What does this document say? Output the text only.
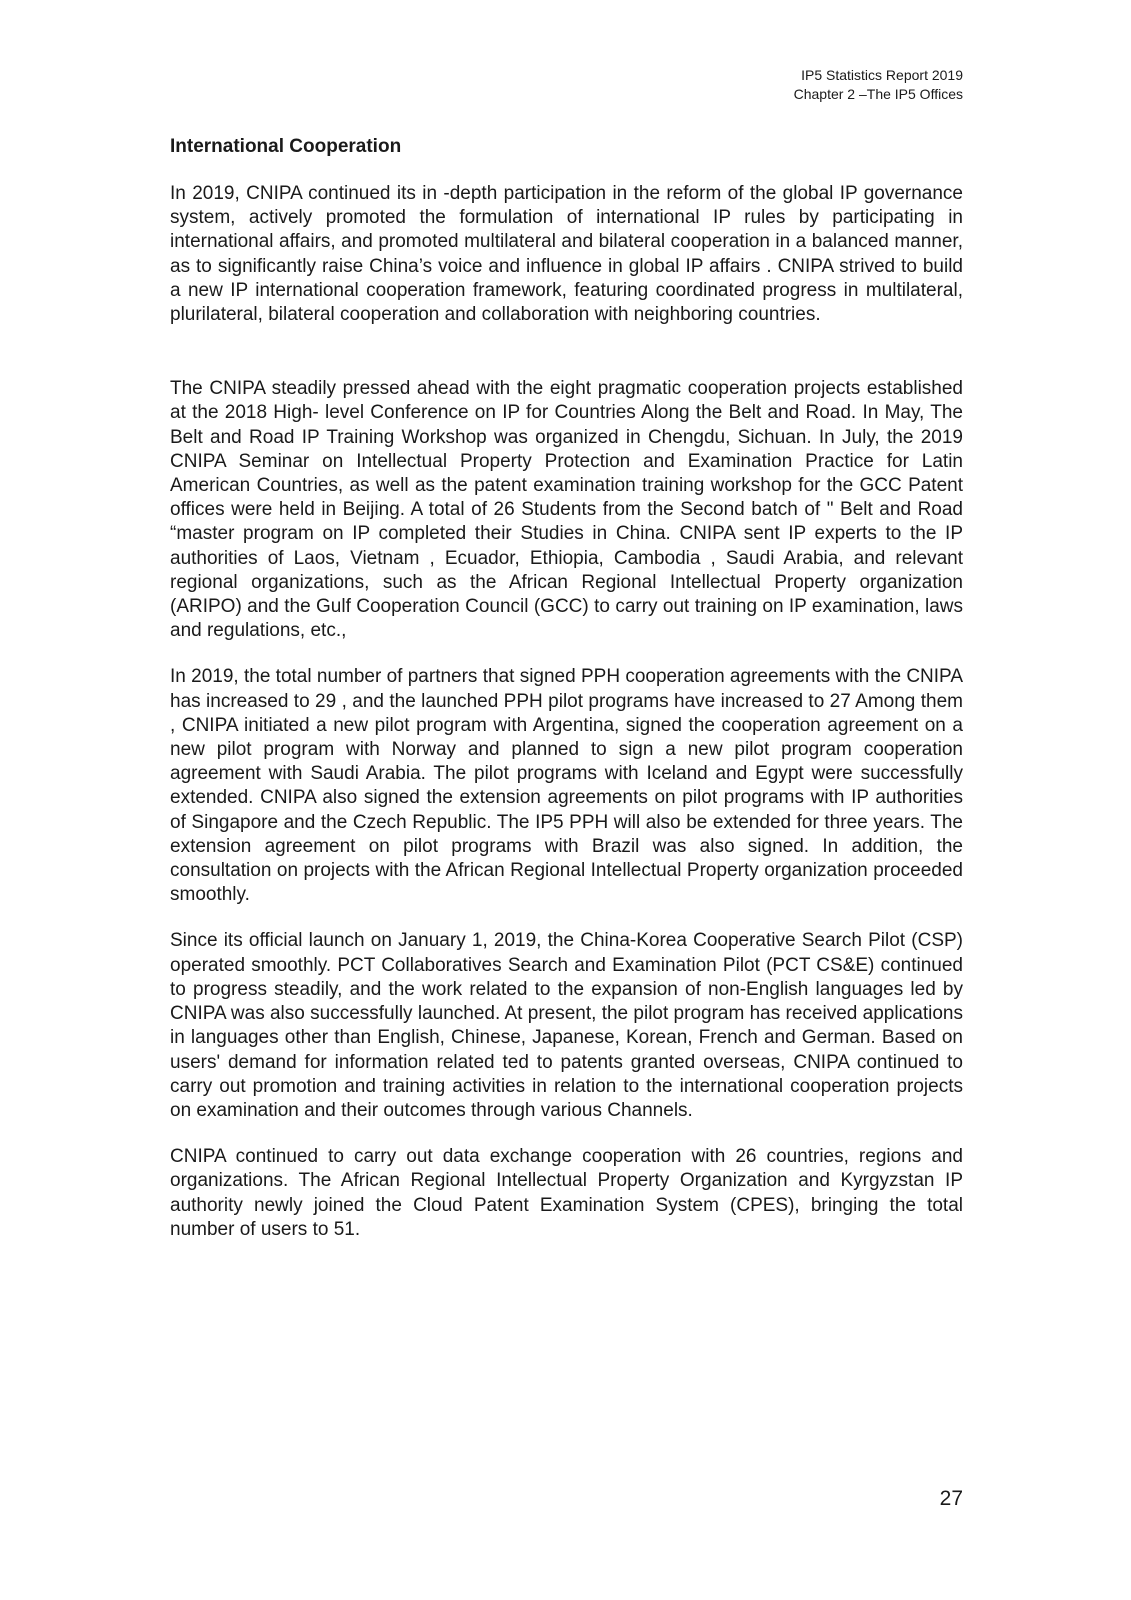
IP5 Statistics Report 2019
Chapter 2 –The IP5 Offices
International Cooperation

In 2019, CNIPA continued its in -depth participation in the reform of the global IP governance system, actively promoted the formulation of international IP rules by participating in international affairs, and promoted multilateral and bilateral cooperation in a balanced manner, as to significantly raise China’s voice and influence in global IP affairs . CNIPA strived to build a new IP international cooperation framework, featuring coordinated progress in multilateral, plurilateral, bilateral cooperation and collaboration with neighboring countries.

The CNIPA steadily pressed ahead with the eight pragmatic cooperation projects established at the 2018 High- level Conference on IP for Countries Along the Belt and Road. In May, The Belt and Road IP Training Workshop was organized in Chengdu, Sichuan. In July, the 2019 CNIPA Seminar on Intellectual Property Protection and Examination Practice for Latin American Countries, as well as the patent examination training workshop for the GCC Patent offices were held in Beijing. A total of 26 Students from the Second batch of " Belt and Road “master program on IP completed their Studies in China. CNIPA sent IP experts to the IP authorities of Laos, Vietnam , Ecuador, Ethiopia, Cambodia , Saudi Arabia, and relevant regional organizations, such as the African Regional Intellectual Property organization (ARIPO) and the Gulf Cooperation Council (GCC) to carry out training on IP examination, laws and regulations, etc.,

In 2019, the total number of partners that signed PPH cooperation agreements with the CNIPA has increased to 29 , and the launched PPH pilot programs have increased to 27 Among them , CNIPA initiated a new pilot program with Argentina, signed the cooperation agreement on a new pilot program with Norway and planned to sign a new pilot program cooperation agreement with Saudi Arabia. The pilot programs with Iceland and Egypt were successfully extended. CNIPA also signed the extension agreements on pilot programs with IP authorities of Singapore and the Czech Republic. The IP5 PPH will also be extended for three years. The extension agreement on pilot programs with Brazil was also signed. In addition, the consultation on projects with the African Regional Intellectual Property organization proceeded smoothly.

Since its official launch on January 1, 2019, the China-Korea Cooperative Search Pilot (CSP) operated smoothly. PCT Collaboratives Search and Examination Pilot (PCT CS&E) continued to progress steadily, and the work related to the expansion of non-English languages led by CNIPA was also successfully launched. At present, the pilot program has received applications in languages other than English, Chinese, Japanese, Korean, French and German. Based on users' demand for information related ted to patents granted overseas, CNIPA continued to carry out promotion and training activities in relation to the international cooperation projects on examination and their outcomes through various Channels.

CNIPA continued to carry out data exchange cooperation with 26 countries, regions and organizations. The African Regional Intellectual Property Organization and Kyrgyzstan IP authority newly joined the Cloud Patent Examination System (CPES), bringing the total number of users to 51.

27
